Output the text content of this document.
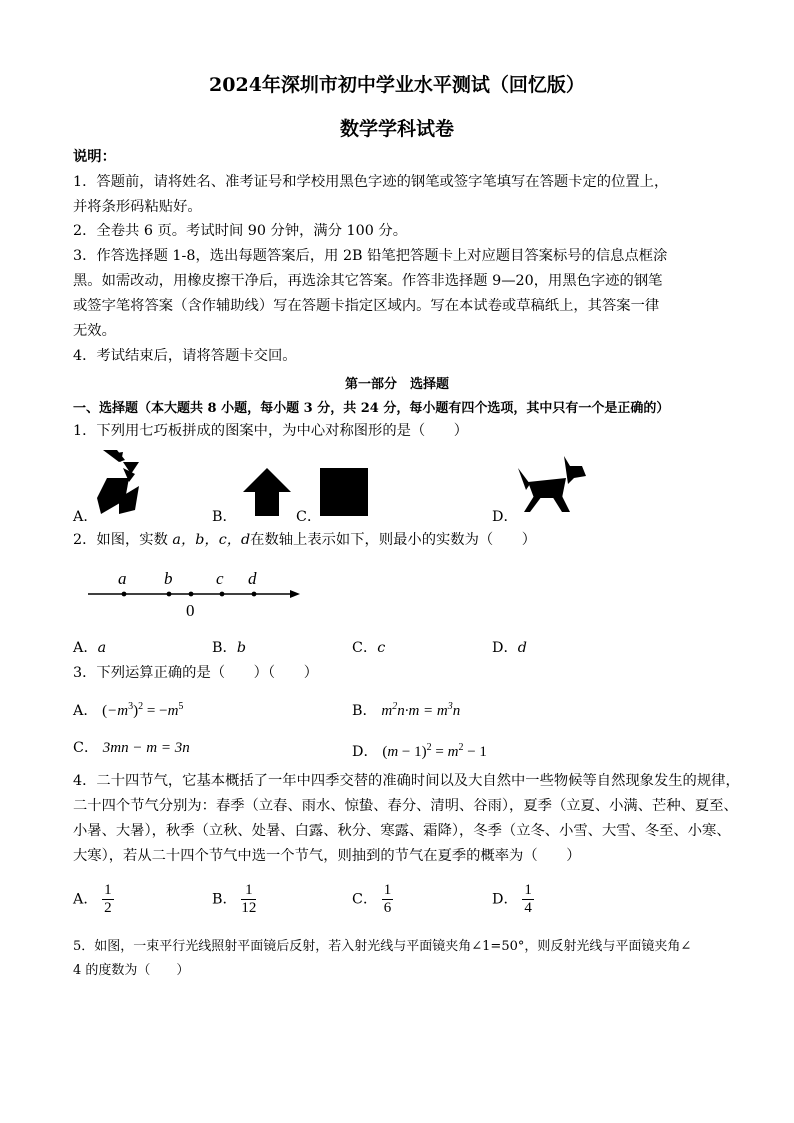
2024年深圳市初中学业水平测试（回忆版）
数学学科试卷
说明：
1．答题前，请将姓名、准考证号和学校用黑色字迹的钢笔或签字笔填写在答题卡定的位置上，
并将条形码粘贴好。
2．全卷共 6 页。考试时间 90 分钟，满分 100 分。
3．作答选择题 1-8，选出每题答案后，用 2B 铅笔把答题卡上对应题目答案标号的信息点框涂
黑。如需改动，用橡皮擦干净后，再选涂其它答案。作答非选择题 9—20，用黑色字迹的钢笔
或签字笔将答案（含作辅助线）写在答题卡指定区域内。写在本试卷或草稿纸上，其答案一律
无效。
4．考试结束后，请将答题卡交回。
第一部分　选择题
一、选择题（本大题共 8 小题，每小题 3 分，共 24 分，每小题有四个选项，其中只有一个是正确的）
1．下列用七巧板拼成的图案中，为中心对称图形的是（　　）
A．	B．	C．	D．
2．如图，实数 a，b，c，d在数轴上表示如下，则最小的实数为（　　）
a b	c d
0
A．a	B．b	C．c	D．d
3．下列运算正确的是（　　）（　　）
A． $(-m^3)^2 = -m^5$	B． $m^2n\cdot m = m^3n$
C． 3mn − m = 3n	D． $(m - 1)^2 = m^2 - 1$
4．二十四节气，它基本概括了一年中四季交替的准确时间以及大自然中一些物候等自然现象发生的规律，
二十四个节气分别为：春季（立春、雨水、惊蛰、春分、清明、谷雨），夏季（立夏、小满、芒种、夏至、
小暑、大暑），秋季（立秋、处暑、白露、秋分、寒露、霜降），冬季（立冬、小雪、大雪、冬至、小寒、
大寒），若从二十四个节气中选一个节气，则抽到的节气在夏季的概率为（　　）
A． $\frac{1}{2}$	B． $\frac{1}{12}$	C． $\frac{1}{6}$	D． $\frac{1}{4}$
5．如图，一束平行光线照射平面镜后反射，若入射光线与平面镜夹角∠1=50°，则反射光线与平面镜夹角∠
4 的度数为（　　）
